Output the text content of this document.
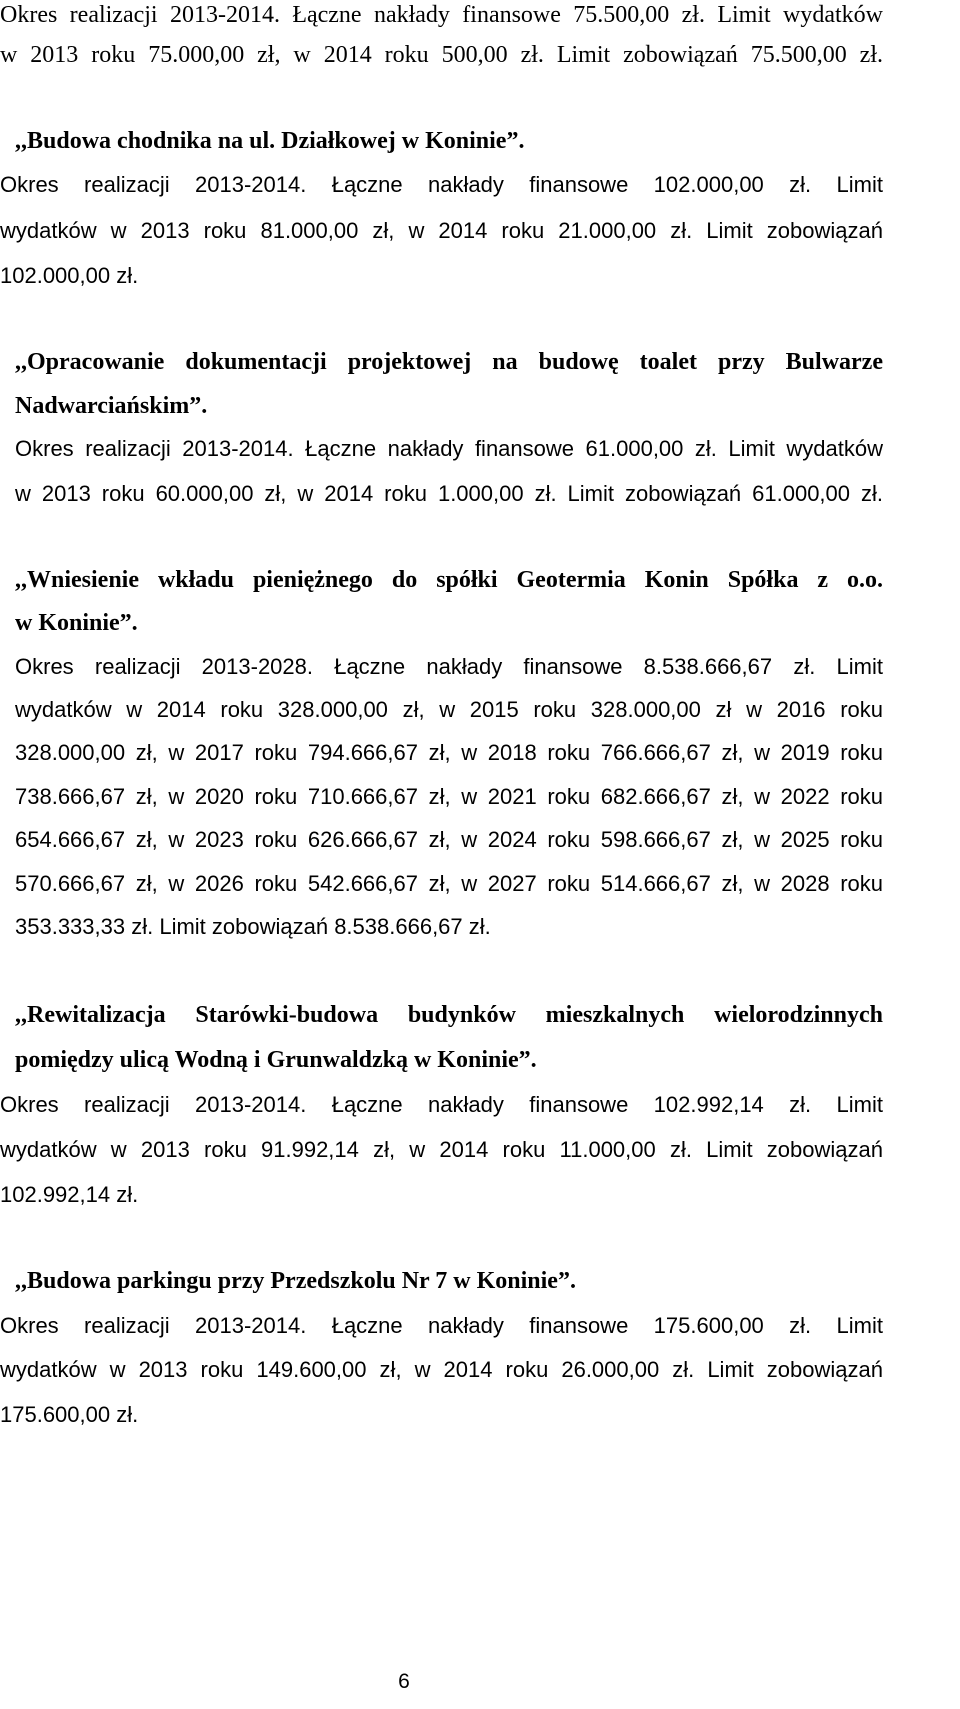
Okres realizacji 2013-2014. Łączne nakłady finansowe 75.500,00 zł. Limit wydatków
w 2013 roku 75.000,00 zł, w 2014 roku 500,00 zł. Limit zobowiązań 75.500,00 zł.
,,Budowa chodnika na ul. Działkowej w Koninie”.
Okres realizacji 2013-2014. Łączne nakłady finansowe 102.000,00 zł. Limit
wydatków w 2013 roku 81.000,00 zł, w 2014 roku 21.000,00 zł. Limit zobowiązań
102.000,00 zł.
,,Opracowanie dokumentacji projektowej na budowę toalet przy Bulwarze
Nadwarciańskim”.
Okres realizacji 2013-2014. Łączne nakłady finansowe 61.000,00 zł. Limit wydatków
w 2013 roku 60.000,00 zł, w 2014 roku 1.000,00 zł. Limit zobowiązań 61.000,00 zł.
,,Wniesienie wkładu pieniężnego do spółki Geotermia Konin Spółka z o.o.
w Koninie”.
Okres realizacji 2013-2028. Łączne nakłady finansowe 8.538.666,67 zł. Limit
wydatków w 2014 roku 328.000,00 zł, w 2015 roku 328.000,00 zł w 2016 roku
328.000,00 zł, w 2017 roku 794.666,67 zł, w 2018 roku 766.666,67 zł, w 2019 roku
738.666,67 zł, w 2020 roku 710.666,67 zł, w 2021 roku 682.666,67 zł, w 2022 roku
654.666,67 zł, w 2023 roku 626.666,67 zł, w 2024 roku 598.666,67 zł, w 2025 roku
570.666,67 zł, w 2026 roku 542.666,67 zł, w 2027 roku 514.666,67 zł, w 2028 roku
353.333,33 zł. Limit zobowiązań 8.538.666,67 zł.
,,Rewitalizacja Starówki-budowa budynków mieszkalnych wielorodzinnych
pomiędzy ulicą Wodną i Grunwaldzką w Koninie”.
Okres realizacji 2013-2014. Łączne nakłady finansowe 102.992,14 zł. Limit
wydatków w 2013 roku 91.992,14 zł, w 2014 roku 11.000,00 zł. Limit zobowiązań
102.992,14 zł.
,,Budowa parkingu przy Przedszkolu Nr 7 w Koninie”.
Okres realizacji 2013-2014. Łączne nakłady finansowe 175.600,00 zł. Limit
wydatków w 2013 roku 149.600,00 zł, w 2014 roku 26.000,00 zł. Limit zobowiązań
175.600,00 zł.
6
